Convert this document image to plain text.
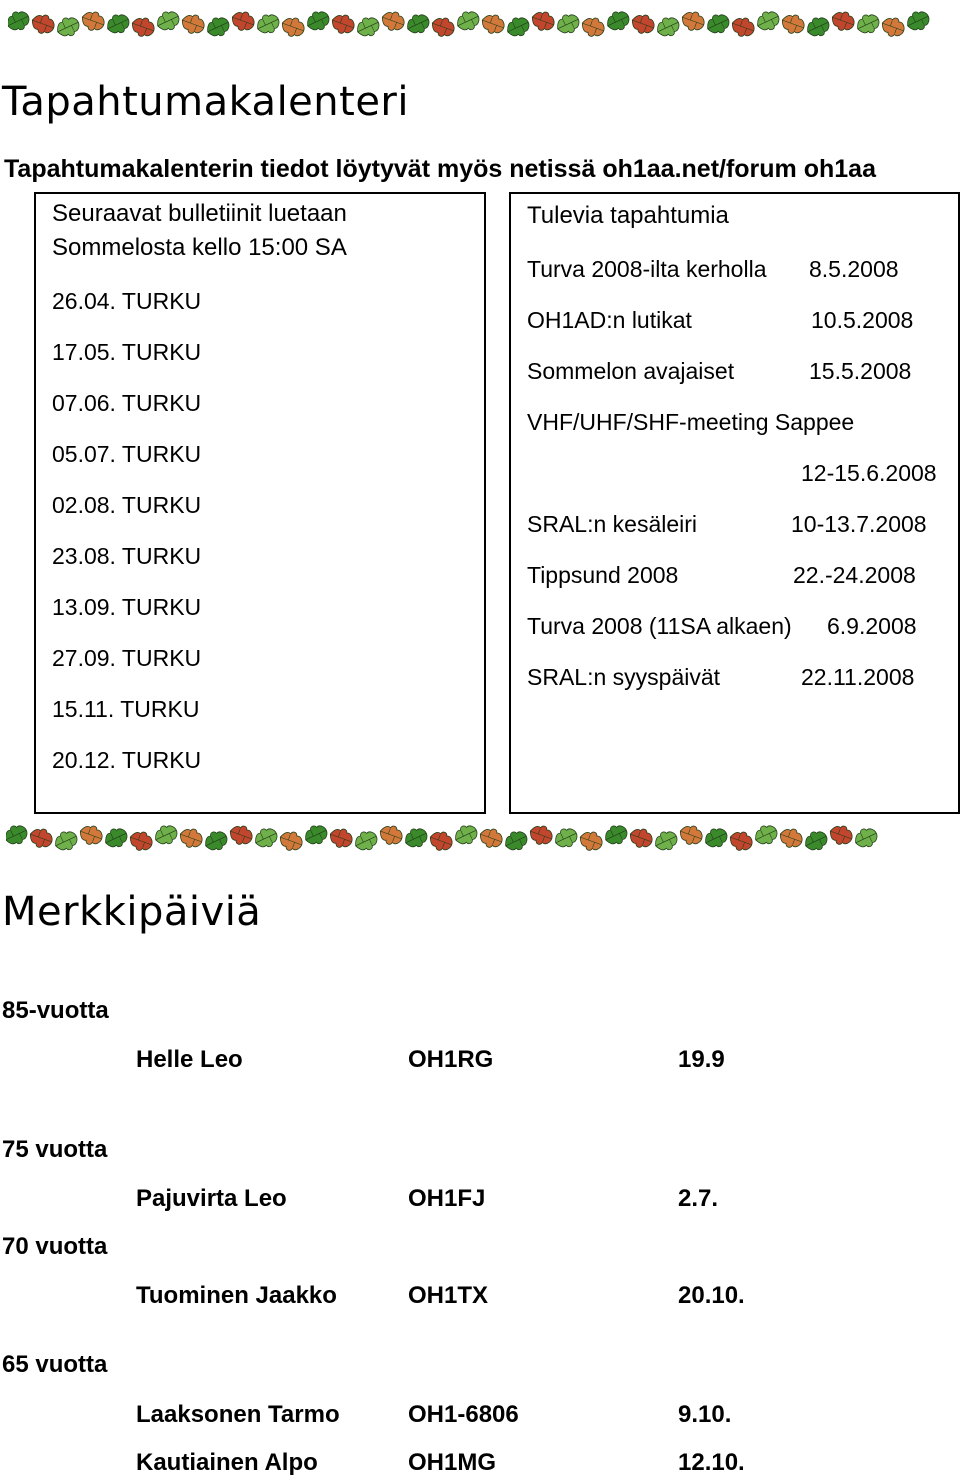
Tapahtumakalenteri
Tapahtumakalenterin tiedot löytyvät myös netissä oh1aa.net/forum oh1aa
Seuraavat bulletiinit luetaan
Sommelosta kello 15:00 SA
26.04. TURKU
17.05. TURKU
07.06. TURKU
05.07. TURKU
02.08. TURKU
23.08. TURKU
13.09. TURKU
27.09. TURKU
15.11. TURKU
20.12. TURKU
Tulevia tapahtumia
Turva 2008-ilta kerholla 8.5.2008
OH1AD:n lutikat	10.5.2008
Sommelon avajaiset	15.5.2008
VHF/UHF/SHF-meeting Sappee
12-15.6.2008
SRAL:n kesäleiri	10-13.7.2008
Tippsund 2008	22.-24.2008
Turva 2008 (11SA alkaen) 6.9.2008
SRAL:n syyspäivät	22.11.2008
Merkkipäiviä
85-vuotta
Helle Leo	OH1RG	19.9
75 vuotta
Pajuvirta Leo	OH1FJ	2.7.
70 vuotta
Tuominen Jaakko	OH1TX	20.10.
65 vuotta
Laaksonen Tarmo	OH1-6806	9.10.
Kautiainen Alpo	OH1MG	12.10.
